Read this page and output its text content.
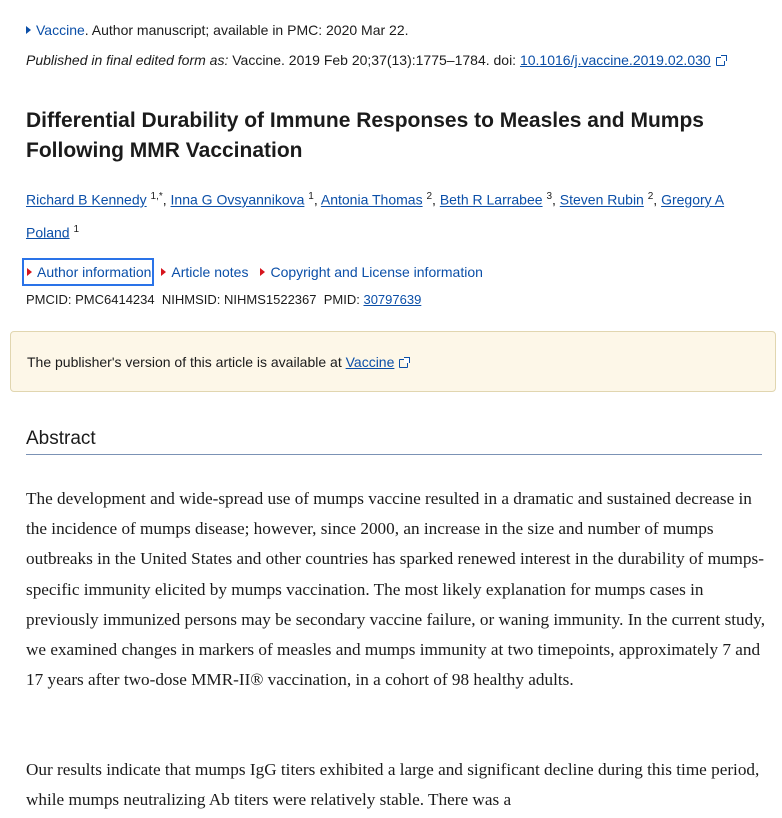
Vaccine. Author manuscript; available in PMC: 2020 Mar 22.
Published in final edited form as: Vaccine. 2019 Feb 20;37(13):1775–1784. doi: 10.1016/j.vaccine.2019.02.030
Differential Durability of Immune Responses to Measles and Mumps Following MMR Vaccination
Richard B Kennedy $^{1,*}$, Inna G Ovsyannikova $^1$, Antonia Thomas $^2$, Beth R Larrabee $^3$, Steven Rubin $^2$, Gregory A Poland $^1$
Author information Article notes Copyright and License information
PMCID: PMC6414234 NIHMSID: NIHMS1522367 PMID: 30797639
Abstract

The development and wide-spread use of mumps vaccine resulted in a dramatic and sustained decrease in the incidence of mumps disease; however, since 2000, an increase in the size and number of mumps outbreaks in the United States and other countries has sparked renewed interest in the durability of mumps-specific immunity elicited by mumps vaccination. The most likely explanation for mumps cases in previously immunized persons may be secondary vaccine failure, or waning immunity. In the current study, we examined changes in markers of measles and mumps immunity at two timepoints, approximately 7 and 17 years after two-dose MMR-II® vaccination, in a cohort of 98 healthy adults.

Our results indicate that mumps IgG titers exhibited a large and significant decline during this time period, while mumps neutralizing Ab titers were relatively stable. There was a

The publisher's version of this article is available at Vaccine
